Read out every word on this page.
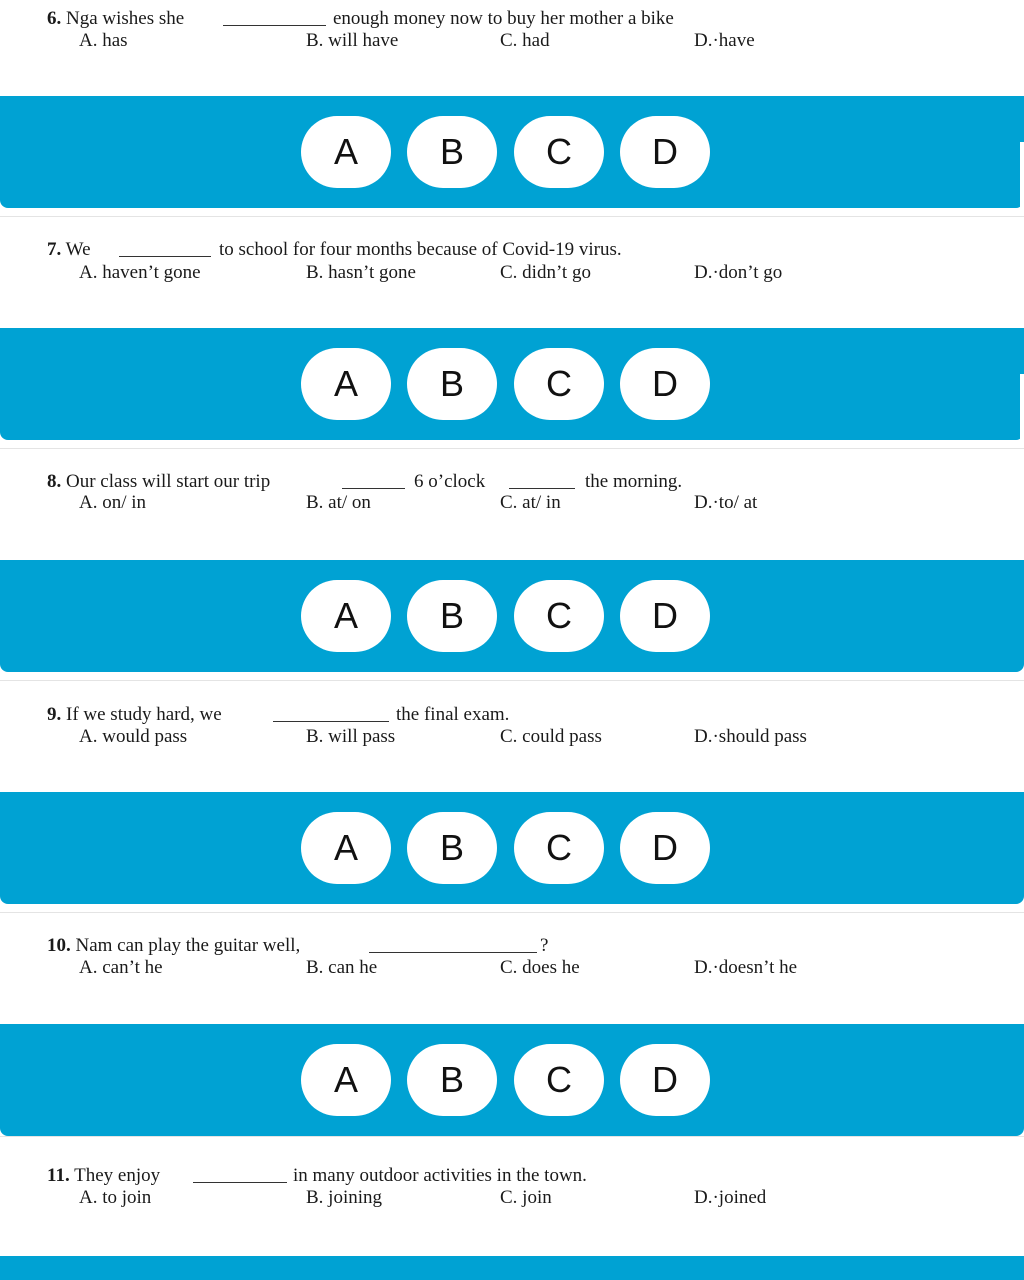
6. Nga wishes she	enough money now to buy her mother a bike
A. has	B. will have	C. had	D.·have
A	B	C	D
7. We	to school for four months because of Covid-19 virus.
A. haven’t gone	B. hasn’t gone	C. didn’t go	D.·don’t go
A	B	C	D
8. Our class will start our trip	6 o’clock	the morning.
A. on/ in	B. at/ on	C. at/ in	D.·to/ at
A	B	C	D
9. If we study hard, we	the final exam.
A. would pass	B. will pass	C. could pass	D.·should pass
A	B	C	D
10. Nam can play the guitar well,	?
A. can’t he	B. can he	C. does he	D.·doesn’t he
A	B	C	D
11. They enjoy	in many outdoor activities in the town.
A. to join	B. joining	C. join	D.·joined
